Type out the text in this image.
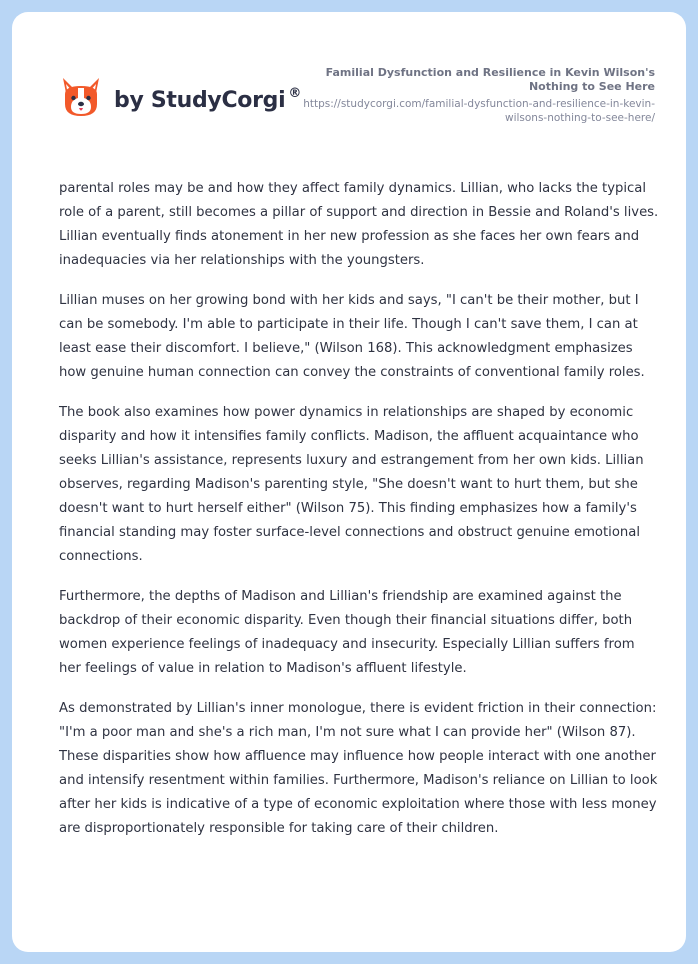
by StudyCorgi ®

Familial Dysfunction and Resilience in Kevin Wilson's Nothing to See Here

https://studycorgi.com/familial-dysfunction-and-resilience-in-kevin-wilsons-nothing-to-see-here/

parental roles may be and how they affect family dynamics. Lillian, who lacks the typical role of a parent, still becomes a pillar of support and direction in Bessie and Roland's lives. Lillian eventually finds atonement in her new profession as she faces her own fears and inadequacies via her relationships with the youngsters.

Lillian muses on her growing bond with her kids and says, "I can't be their mother, but I can be somebody. I'm able to participate in their life. Though I can't save them, I can at least ease their discomfort. I believe," (Wilson 168). This acknowledgment emphasizes how genuine human connection can convey the constraints of conventional family roles.

The book also examines how power dynamics in relationships are shaped by economic disparity and how it intensifies family conflicts. Madison, the affluent acquaintance who seeks Lillian's assistance, represents luxury and estrangement from her own kids. Lillian observes, regarding Madison's parenting style, "She doesn't want to hurt them, but she doesn't want to hurt herself either" (Wilson 75). This finding emphasizes how a family's financial standing may foster surface-level connections and obstruct genuine emotional connections.

Furthermore, the depths of Madison and Lillian's friendship are examined against the backdrop of their economic disparity. Even though their financial situations differ, both women experience feelings of inadequacy and insecurity. Especially Lillian suffers from her feelings of value in relation to Madison's affluent lifestyle.

As demonstrated by Lillian's inner monologue, there is evident friction in their connection: "I'm a poor man and she's a rich man, I'm not sure what I can provide her" (Wilson 87). These disparities show how affluence may influence how people interact with one another and intensify resentment within families. Furthermore, Madison's reliance on Lillian to look after her kids is indicative of a type of economic exploitation where those with less money are disproportionately responsible for taking care of their children.
